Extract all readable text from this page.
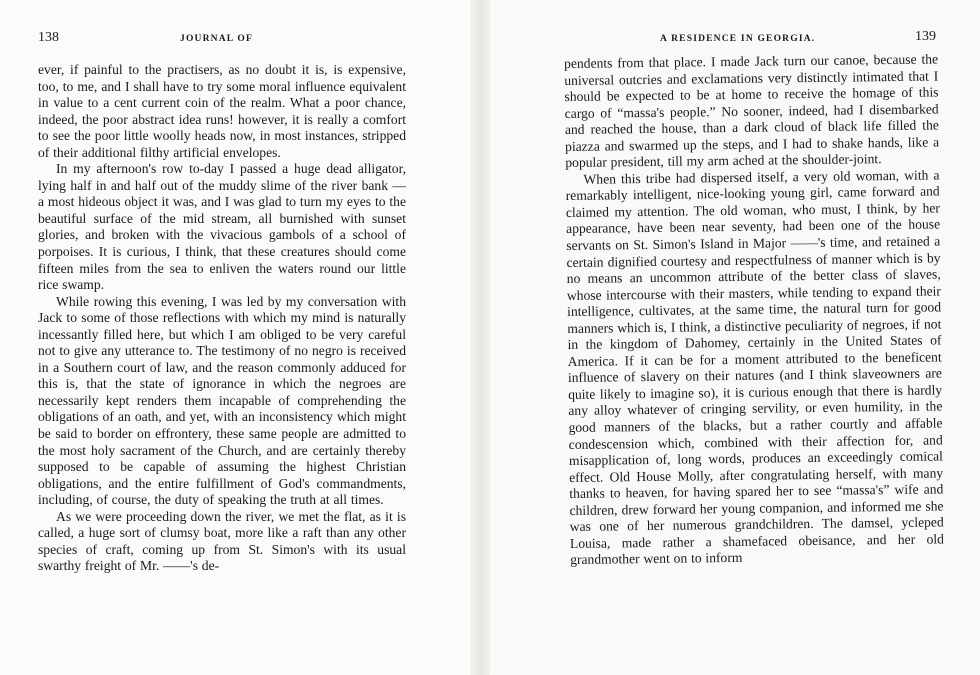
138	JOURNAL OF

ever, if painful to the practisers, as no doubt it is, is expensive, too, to me, and I shall have to try some moral influence equivalent in value to a cent current coin of the realm. What a poor chance, indeed, the poor abstract idea runs! however, it is really a comfort to see the poor little woolly heads now, in most instances, stripped of their additional filthy artificial envelopes.

In my afternoon's row to-day I passed a huge dead alligator, lying half in and half out of the muddy slime of the river bank — a most hideous object it was, and I was glad to turn my eyes to the beautiful surface of the mid stream, all burnished with sunset glories, and broken with the vivacious gambols of a school of porpoises. It is curious, I think, that these creatures should come fifteen miles from the sea to enliven the waters round our little rice swamp.

While rowing this evening, I was led by my conversation with Jack to some of those reflections with which my mind is naturally incessantly filled here, but which I am obliged to be very careful not to give any utterance to. The testimony of no negro is received in a Southern court of law, and the reason commonly adduced for this is, that the state of ignorance in which the negroes are necessarily kept renders them incapable of comprehending the obligations of an oath, and yet, with an inconsistency which might be said to border on effrontery, these same people are admitted to the most holy sacrament of the Church, and are certainly thereby supposed to be capable of assuming the highest Christian obligations, and the entire fulfillment of God's commandments, including, of course, the duty of speaking the truth at all times.

As we were proceeding down the river, we met the flat, as it is called, a huge sort of clumsy boat, more like a raft than any other species of craft, coming up from St. Simon's with its usual swarthy freight of Mr. ——'s de-

A RESIDENCE IN GEORGIA.	139

pendents from that place. I made Jack turn our canoe, because the universal outcries and exclamations very distinctly intimated that I should be expected to be at home to receive the homage of this cargo of “massa's people.” No sooner, indeed, had I disembarked and reached the house, than a dark cloud of black life filled the piazza and swarmed up the steps, and I had to shake hands, like a popular president, till my arm ached at the shoulder-joint.

When this tribe had dispersed itself, a very old woman, with a remarkably intelligent, nice-looking young girl, came forward and claimed my attention. The old woman, who must, I think, by her appearance, have been near seventy, had been one of the house servants on St. Simon's Island in Major ——'s time, and retained a certain dignified courtesy and respectfulness of manner which is by no means an uncommon attribute of the better class of slaves, whose intercourse with their masters, while tending to expand their intelligence, cultivates, at the same time, the natural turn for good manners which is, I think, a distinctive peculiarity of negroes, if not in the kingdom of Dahomey, certainly in the United States of America. If it can be for a moment attributed to the beneficent influence of slavery on their natures (and I think slaveowners are quite likely to imagine so), it is curious enough that there is hardly any alloy whatever of cringing servility, or even humility, in the good manners of the blacks, but a rather courtly and affable condescension which, combined with their affection for, and misapplication of, long words, produces an exceedingly comical effect. Old House Molly, after congratulating herself, with many thanks to heaven, for having spared her to see “massa's” wife and children, drew forward her young companion, and informed me she was one of her numerous grandchildren. The damsel, ycleped Louisa, made rather a shamefaced obeisance, and her old grandmother went on to inform
